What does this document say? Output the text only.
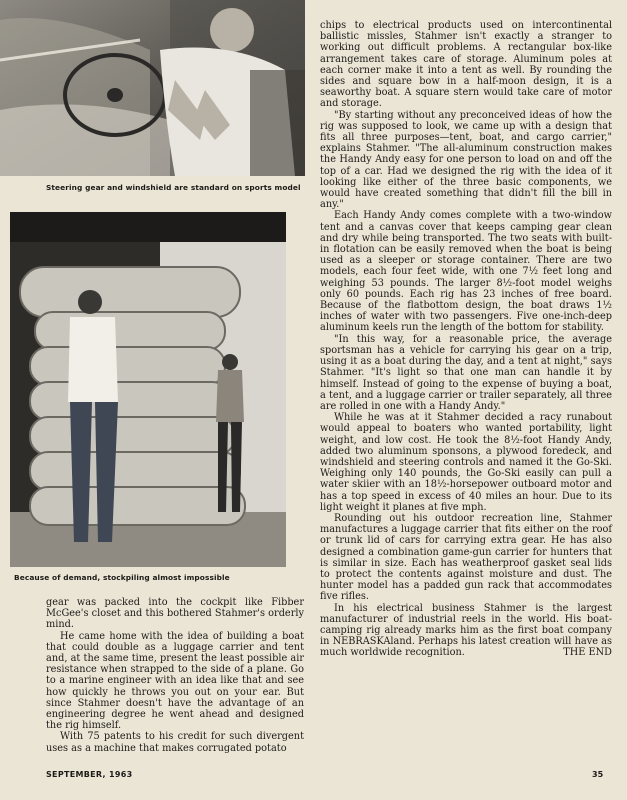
Steering gear and windshield are standard on sports model
Because of demand, stockpiling almost impossible

chips to electrical products used on intercontinental ballistic missles, Stahmer isn't exactly a stranger to working out difficult problems. A rectangular box-like arrangement takes care of storage. Aluminum poles at each corner make it into a tent as well. By rounding the sides and square bow in a half-moon design, it is a seaworthy boat. A square stern would take care of motor and storage.

"By starting without any preconceived ideas of how the rig was supposed to look, we came up with a design that fits all three purposes—tent, boat, and cargo carrier," explains Stahmer. "The all-aluminum construction makes the Handy Andy easy for one person to load on and off the top of a car. Had we designed the rig with the idea of it looking like either of the three basic components, we would have created something that didn't fill the bill in any."

Each Handy Andy comes complete with a two-window tent and a canvas cover that keeps camping gear clean and dry while being transported. The two seats with built-in flotation can be easily removed when the boat is being used as a sleeper or storage container. There are two models, each four feet wide, with one 7½ feet long and weighing 53 pounds. The larger 8½-foot model weighs only 60 pounds. Each rig has 23 inches of free board. Because of the flatbottom design, the boat draws 1½ inches of water with two passengers. Five one-inch-deep aluminum keels run the length of the bottom for stability.

"In this way, for a reasonable price, the average sportsman has a vehicle for carrying his gear on a trip, using it as a boat during the day, and a tent at night," says Stahmer. "It's light so that one man can handle it by himself. Instead of going to the expense of buying a boat, a tent, and a luggage carrier or trailer separately, all three are rolled in one with a Handy Andy."

While he was at it Stahmer decided a racy runabout would appeal to boaters who wanted portability, light weight, and low cost. He took the 8½-foot Handy Andy, added two aluminum sponsons, a plywood foredeck, and windshield and steering controls and named it the Go-Ski. Weighing only 140 pounds, the Go-Ski easily can pull a water skiier with an 18½-horsepower outboard motor and has a top speed in excess of 40 miles an hour. Due to its light weight it planes at five mph.

Rounding out his outdoor recreation line, Stahmer manufactures a luggage carrier that fits either on the roof or trunk lid of cars for carrying extra gear. He has also designed a combination game-gun carrier for hunters that is similar in size. Each has weatherproof gasket seal lids to protect the contents against moisture and dust. The hunter model has a padded gun rack that accommodates five rifles.

In his electrical business Stahmer is the largest manufacturer of industrial reels in the world. His boat-camping rig already marks him as the first boat company in NEBRASKAland. Perhaps his latest creation will have as much worldwide recognition.	THE END

gear was packed into the cockpit like Fibber McGee's closet and this bothered Stahmer's orderly mind.

He came home with the idea of building a boat that could double as a luggage carrier and tent and, at the same time, present the least possible air resistance when strapped to the side of a plane. Go to a marine engineer with an idea like that and see how quickly he throws you out on your ear. But since Stahmer doesn't have the advantage of an engineering degree he went ahead and designed the rig himself.

With 75 patents to his credit for such divergent uses as a machine that makes corrugated potato

SEPTEMBER, 1963	35
